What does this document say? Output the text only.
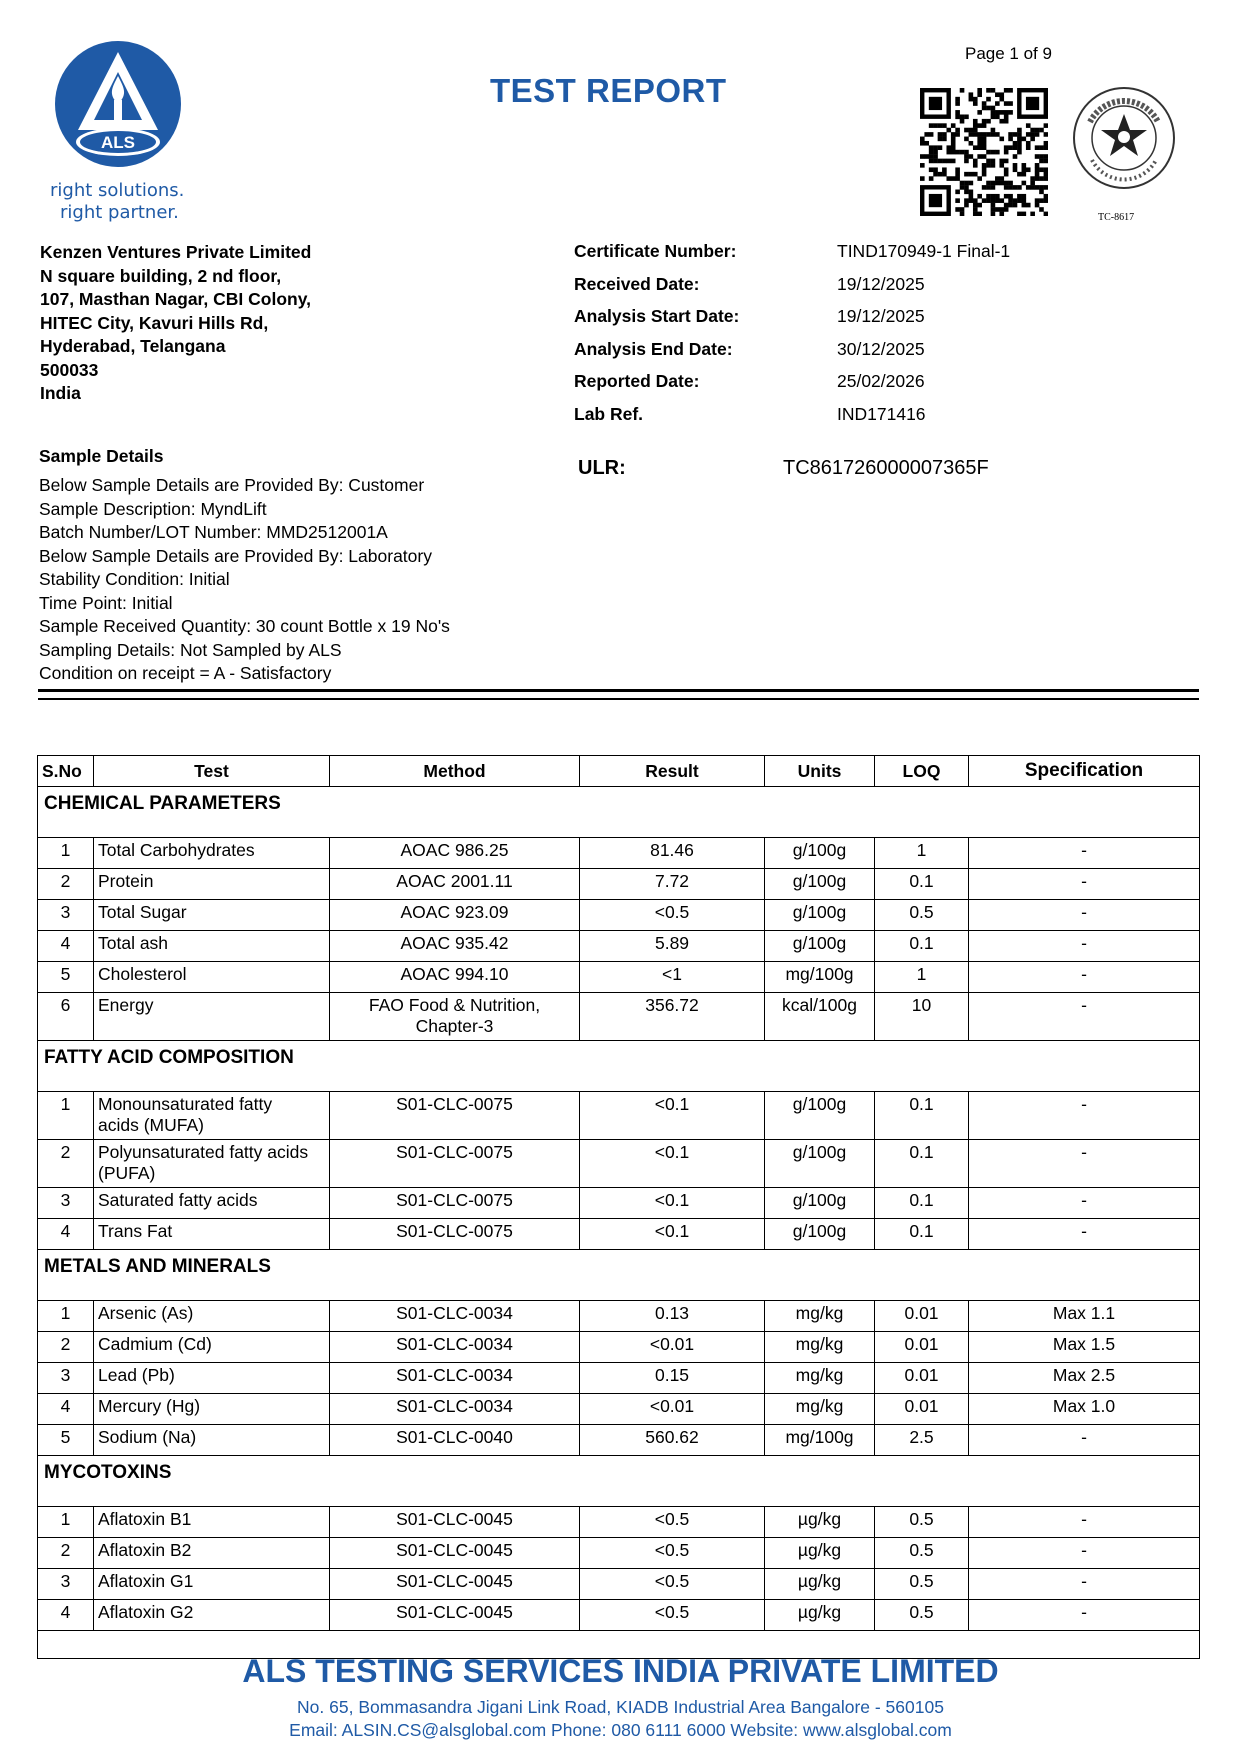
ALS
right solutions.
right partner.
TEST REPORT
Page 1 of 9
TC-8617
Kenzen Ventures Private Limited
N square building, 2 nd floor,
107, Masthan Nagar, CBI Colony,
HITEC City, Kavuri Hills Rd,
Hyderabad, Telangana
500033
India
Certificate Number:	TIND170949-1 Final-1
Received Date:	19/12/2025
Analysis Start Date:	19/12/2025
Analysis End Date:	30/12/2025
Reported Date:	25/02/2026
Lab Ref.	IND171416
ULR:	TC861726000007365F
Sample Details
Below Sample Details are Provided By: Customer
Sample Description: MyndLift
Batch Number/LOT Number: MMD2512001A
Below Sample Details are Provided By: Laboratory
Stability Condition: Initial
Time Point: Initial
Sample Received Quantity: 30 count Bottle x 19 No's
Sampling Details: Not Sampled by ALS
Condition on receipt = A - Satisfactory
S.No	Test	Method	Result	Units	LOQ	Specification
CHEMICAL PARAMETERS						
1	Total Carbohydrates	AOAC 986.25	81.46	g/100g	1	-
2	Protein	AOAC 2001.11	7.72	g/100g	0.1	-
3	Total Sugar	AOAC 923.09	<0.5	g/100g	0.5	-
4	Total ash	AOAC 935.42	5.89	g/100g	0.1	-
5	Cholesterol	AOAC 994.10	<1	mg/100g	1	-
6	Energy	FAO Food & Nutrition,
Chapter-3	356.72	kcal/100g	10	-
FATTY ACID COMPOSITION						
1	Monounsaturated fatty
acids (MUFA)	S01-CLC-0075	<0.1	g/100g	0.1	-
2	Polyunsaturated fatty acids
(PUFA)	S01-CLC-0075	<0.1	g/100g	0.1	-
3	Saturated fatty acids	S01-CLC-0075	<0.1	g/100g	0.1	-
4	Trans Fat	S01-CLC-0075	<0.1	g/100g	0.1	-
METALS AND MINERALS						
1	Arsenic (As)	S01-CLC-0034	0.13	mg/kg	0.01	Max 1.1
2	Cadmium (Cd)	S01-CLC-0034	<0.01	mg/kg	0.01	Max 1.5
3	Lead (Pb)	S01-CLC-0034	0.15	mg/kg	0.01	Max 2.5
4	Mercury (Hg)	S01-CLC-0034	<0.01	mg/kg	0.01	Max 1.0
5	Sodium (Na)	S01-CLC-0040	560.62	mg/100g	2.5	-
MYCOTOXINS						
1	Aflatoxin B1	S01-CLC-0045	<0.5	µg/kg	0.5	-
2	Aflatoxin B2	S01-CLC-0045	<0.5	µg/kg	0.5	-
3	Aflatoxin G1	S01-CLC-0045	<0.5	µg/kg	0.5	-
4	Aflatoxin G2	S01-CLC-0045	<0.5	µg/kg	0.5	-

ALS TESTING SERVICES INDIA PRIVATE LIMITED
No. 65, Bommasandra Jigani Link Road, KIADB Industrial Area Bangalore - 560105
Email: ALSIN.CS@alsglobal.com Phone: 080 6111 6000 Website: www.alsglobal.com
